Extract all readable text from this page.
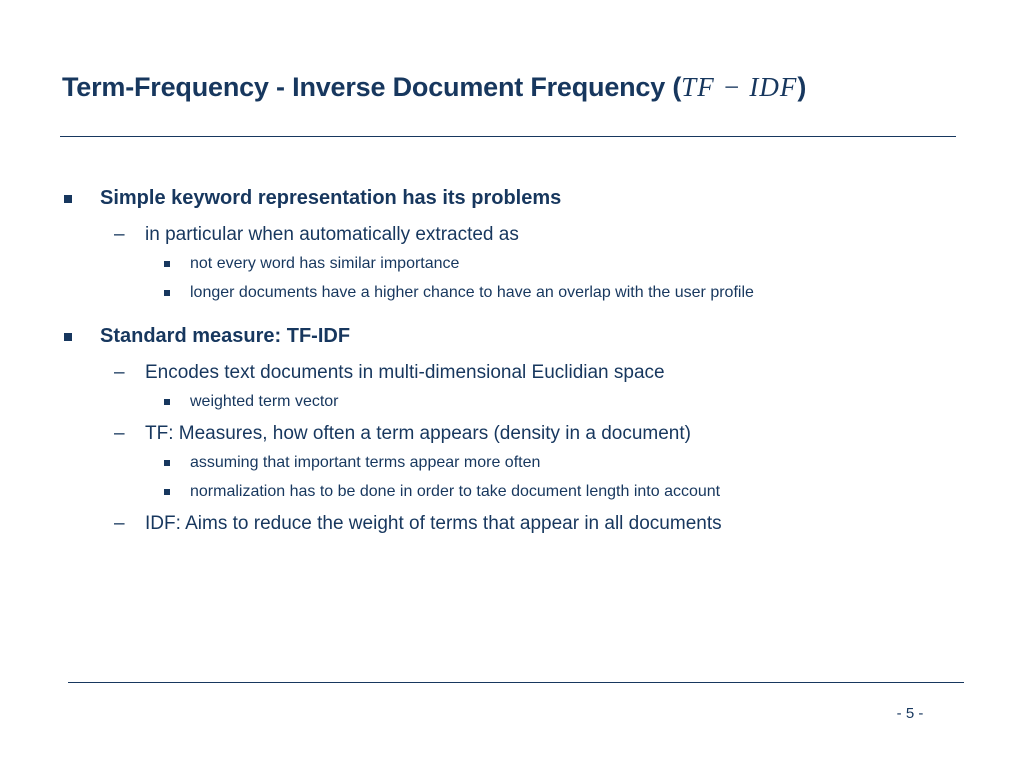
Term-Frequency - Inverse Document Frequency (TF − IDF)
Simple keyword representation has its problems
– in particular when automatically extracted as
not every word has similar importance
longer documents have a higher chance to have an overlap with the user profile
Standard measure: TF-IDF
– Encodes text documents in multi-dimensional Euclidian space
weighted term vector
– TF: Measures, how often a term appears (density in a document)
assuming that important terms appear more often
normalization has to be done in order to take document length into account
– IDF: Aims to reduce the weight of terms that appear in all documents
- 5 -
